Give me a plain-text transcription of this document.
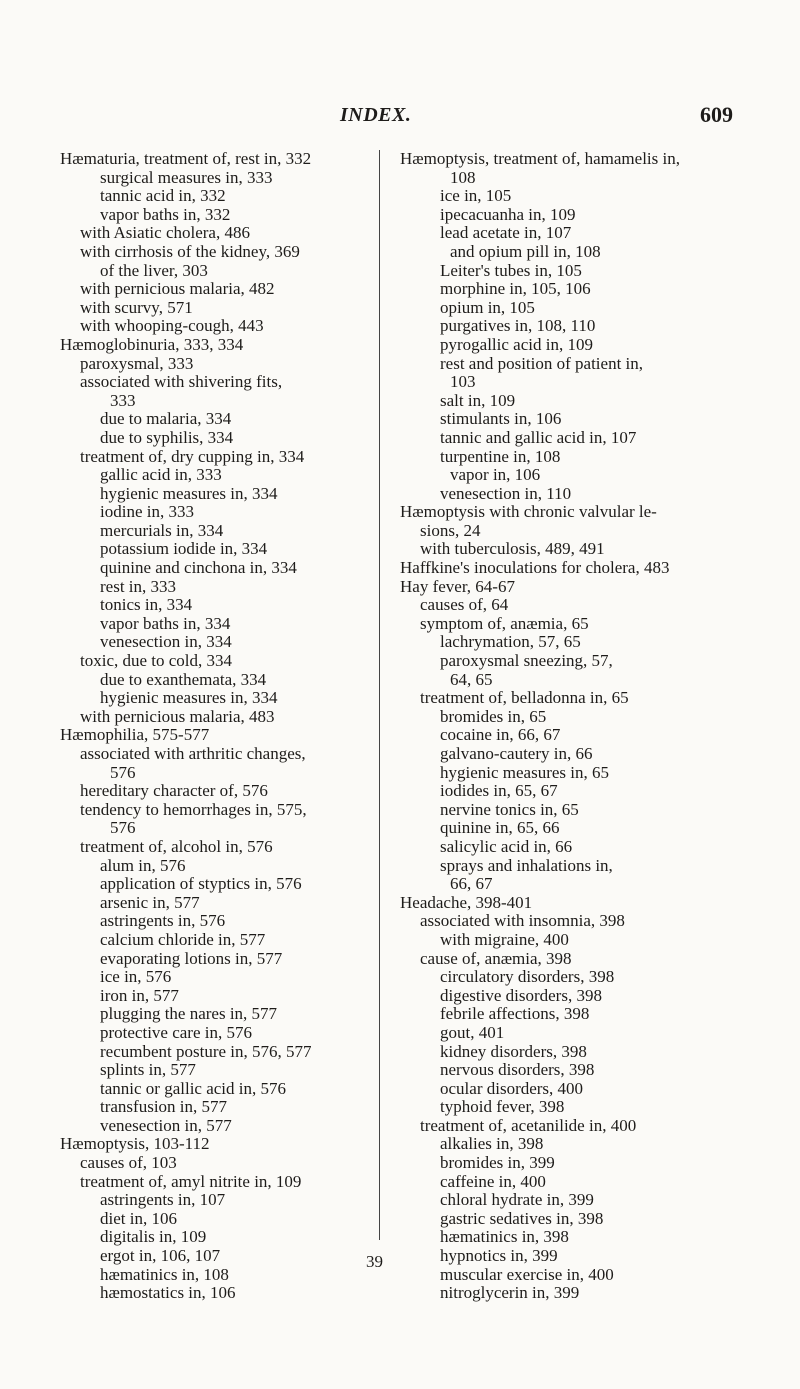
INDEX.	609
Hæmaturia, treatment of, rest in, 332
surgical measures in, 333
tannic acid in, 332
vapor baths in, 332
with Asiatic cholera, 486
with cirrhosis of the kidney, 369
of the liver, 303
with pernicious malaria, 482
with scurvy, 571
with whooping-cough, 443
Hæmoglobinuria, 333, 334
paroxysmal, 333
associated with shivering fits,
333
due to malaria, 334
due to syphilis, 334
treatment of, dry cupping in, 334
gallic acid in, 333
hygienic measures in, 334
iodine in, 333
mercurials in, 334
potassium iodide in, 334
quinine and cinchona in, 334
rest in, 333
tonics in, 334
vapor baths in, 334
venesection in, 334
toxic, due to cold, 334
due to exanthemata, 334
hygienic measures in, 334
with pernicious malaria, 483
Hæmophilia, 575-577
associated with arthritic changes,
576
hereditary character of, 576
tendency to hemorrhages in, 575,
576
treatment of, alcohol in, 576
alum in, 576
application of styptics in, 576
arsenic in, 577
astringents in, 576
calcium chloride in, 577
evaporating lotions in, 577
ice in, 576
iron in, 577
plugging the nares in, 577
protective care in, 576
recumbent posture in, 576, 577
splints in, 577
tannic or gallic acid in, 576
transfusion in, 577
venesection in, 577
Hæmoptysis, 103-112
causes of, 103
treatment of, amyl nitrite in, 109
astringents in, 107
diet in, 106
digitalis in, 109
ergot in, 106, 107
hæmatinics in, 108
hæmostatics in, 106
Hæmoptysis, treatment of, hamamelis in,
108
ice in, 105
ipecacuanha in, 109
lead acetate in, 107
and opium pill in, 108
Leiter's tubes in, 105
morphine in, 105, 106
opium in, 105
purgatives in, 108, 110
pyrogallic acid in, 109
rest and position of patient in,
103
salt in, 109
stimulants in, 106
tannic and gallic acid in, 107
turpentine in, 108
vapor in, 106
venesection in, 110
Hæmoptysis with chronic valvular le-
sions, 24
with tuberculosis, 489, 491
Haffkine's inoculations for cholera, 483
Hay fever, 64-67
causes of, 64
symptom of, anæmia, 65
lachrymation, 57, 65
paroxysmal sneezing, 57,
64, 65
treatment of, belladonna in, 65
bromides in, 65
cocaine in, 66, 67
galvano-cautery in, 66
hygienic measures in, 65
iodides in, 65, 67
nervine tonics in, 65
quinine in, 65, 66
salicylic acid in, 66
sprays and inhalations in,
66, 67
Headache, 398-401
associated with insomnia, 398
with migraine, 400
cause of, anæmia, 398
circulatory disorders, 398
digestive disorders, 398
febrile affections, 398
gout, 401
kidney disorders, 398
nervous disorders, 398
ocular disorders, 400
typhoid fever, 398
treatment of, acetanilide in, 400
alkalies in, 398
bromides in, 399
caffeine in, 400
chloral hydrate in, 399
gastric sedatives in, 398
hæmatinics in, 398
hypnotics in, 399
muscular exercise in, 400
nitroglycerin in, 399
39
